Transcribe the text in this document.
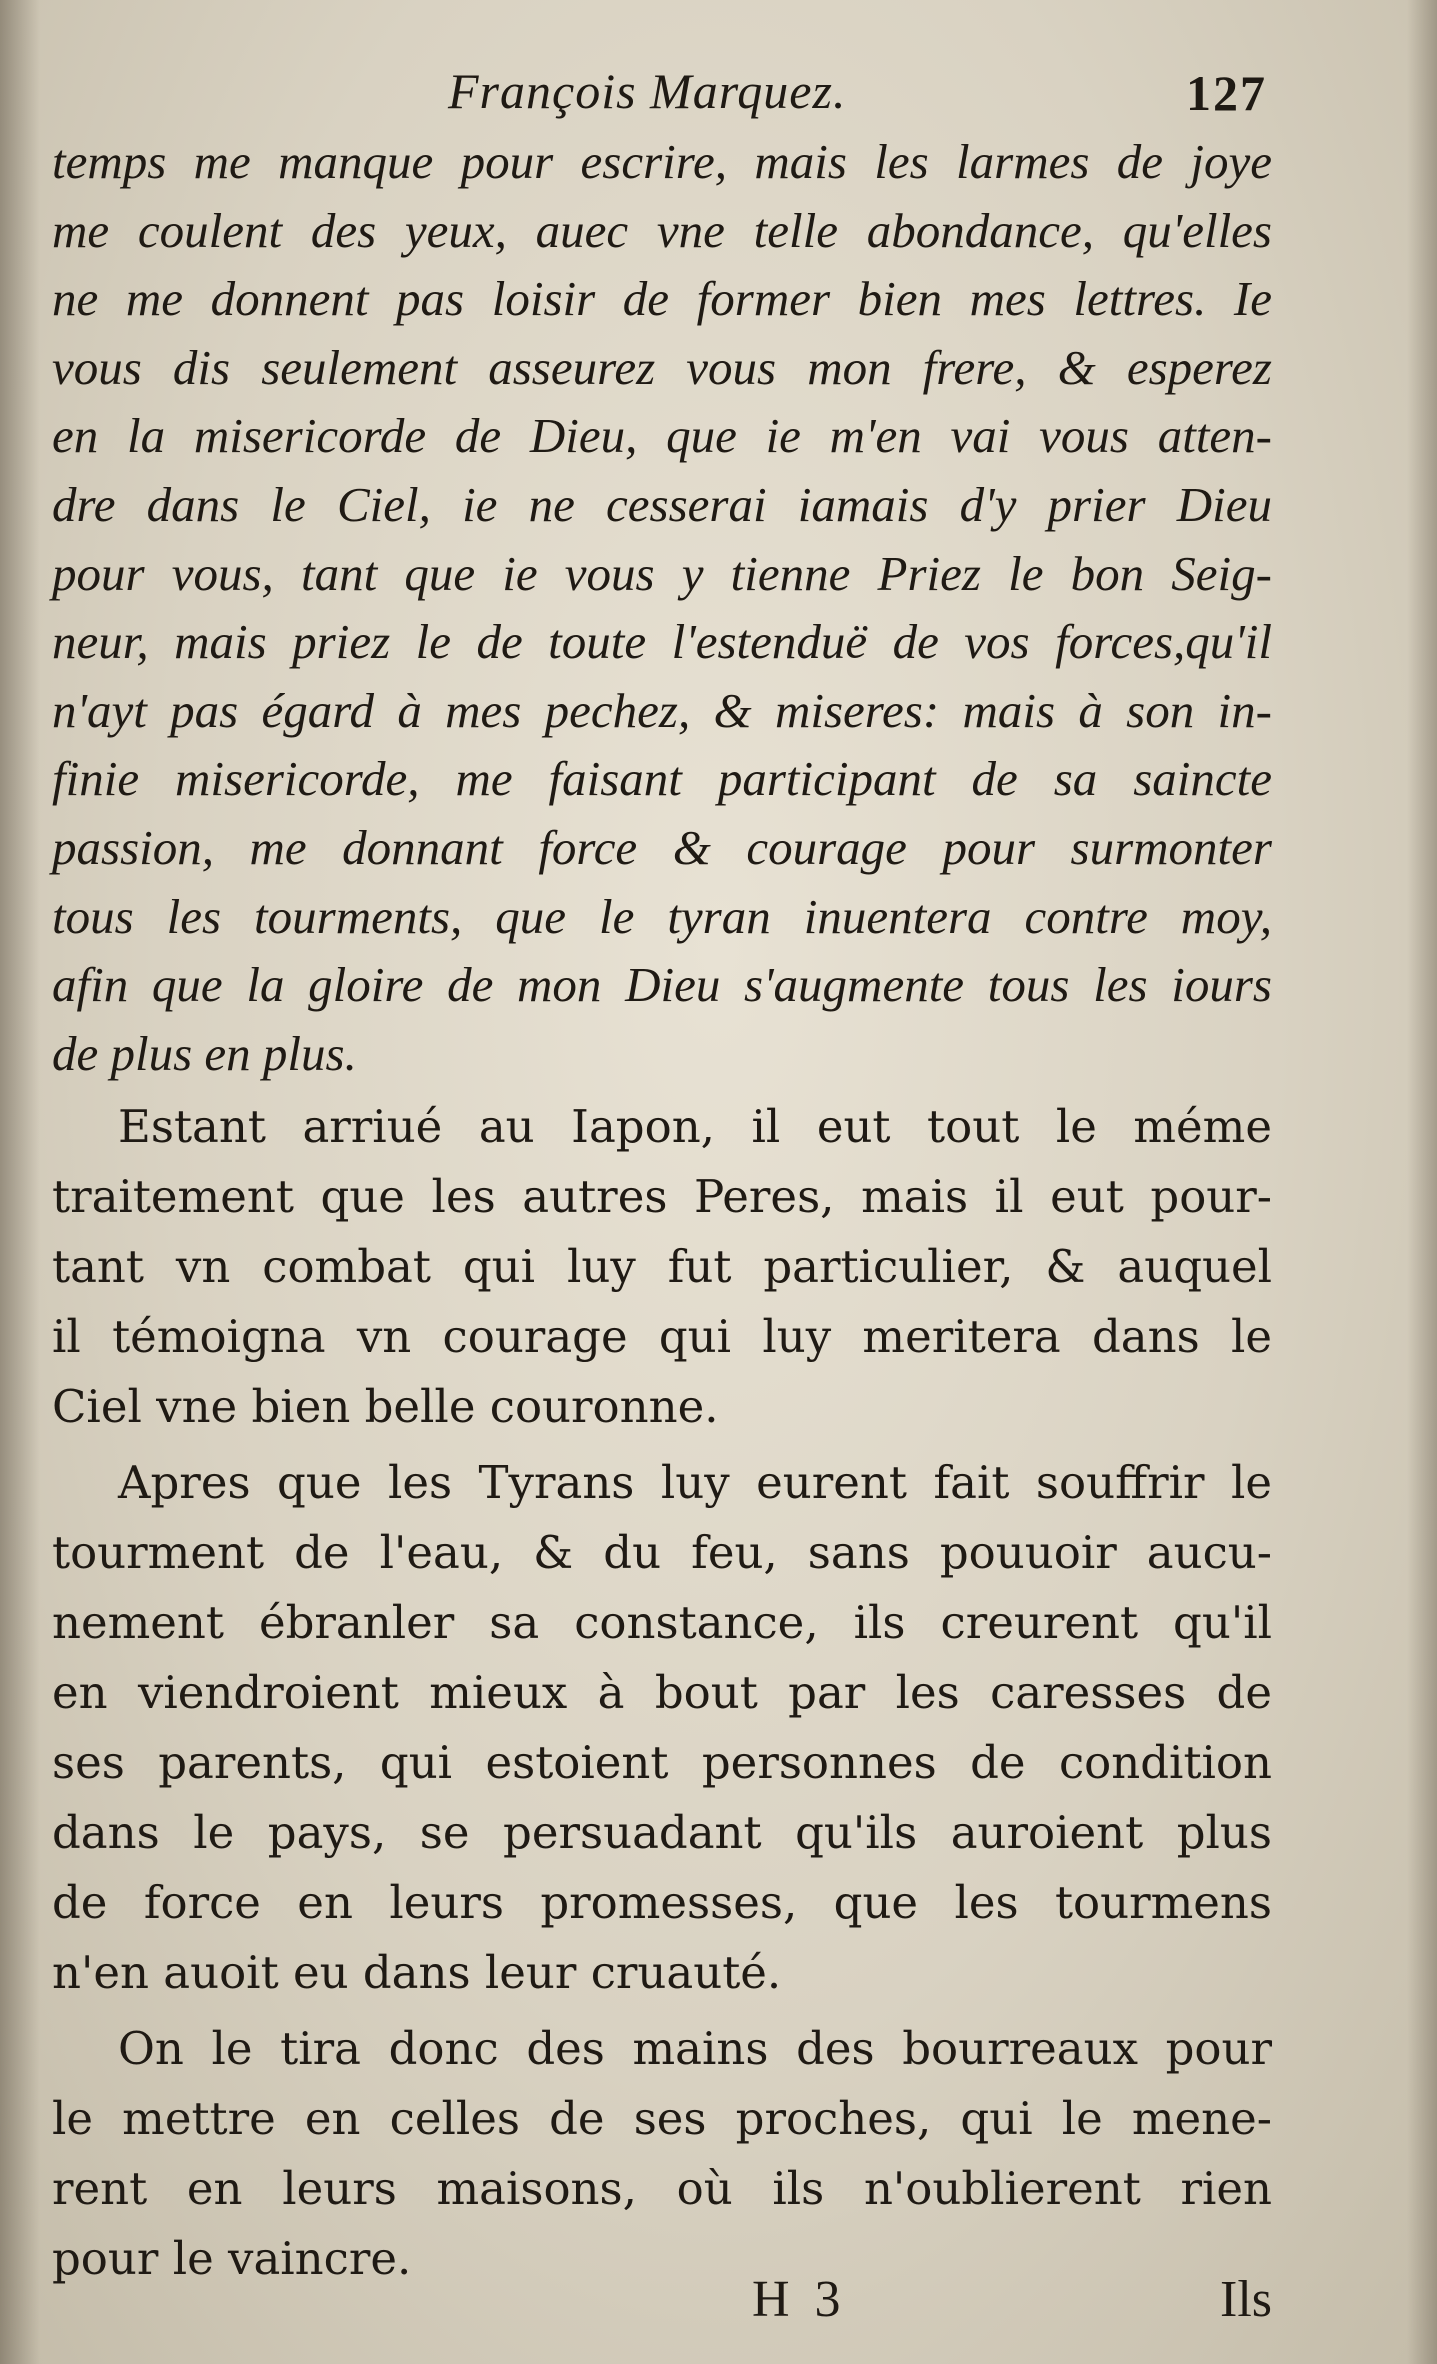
François Marquez.	127

temps me manque pour escrire, mais les larmes de joye
me coulent des yeux, auec vne telle abondance, qu'elles
ne me donnent pas loisir de former bien mes lettres. Ie
vous dis seulement asseurez vous mon frere, & esperez
en la misericorde de Dieu, que ie m'en vai vous atten-
dre dans le Ciel, ie ne cesserai iamais d'y prier Dieu
pour vous, tant que ie vous y tienne Priez le bon Seig-
neur, mais priez le de toute l'estenduë de vos forces,qu'il
n'ayt pas égard à mes pechez, & miseres: mais à son in-
finie misericorde, me faisant participant de sa saincte
passion, me donnant force & courage pour surmonter
tous les tourments, que le tyran inuentera contre moy,
afin que la gloire de mon Dieu s'augmente tous les iours
de plus en plus.

Estant arriué au Iapon, il eut tout le méme
traitement que les autres Peres, mais il eut pour-
tant vn combat qui luy fut particulier, & auquel
il témoigna vn courage qui luy meritera dans le
Ciel vne bien belle couronne.

Apres que les Tyrans luy eurent fait souffrir le
tourment de l'eau, & du feu, sans pouuoir aucu-
nement ébranler sa constance, ils creurent qu'il
en viendroient mieux à bout par les caresses de
ses parents, qui estoient personnes de condition
dans le pays, se persuadant qu'ils auroient plus
de force en leurs promesses, que les tourmens
n'en auoit eu dans leur cruauté.

On le tira donc des mains des bourreaux pour
le mettre en celles de ses proches, qui le mene-
rent en leurs maisons, où ils n'oublierent rien
pour le vaincre.

H 3	Ils
